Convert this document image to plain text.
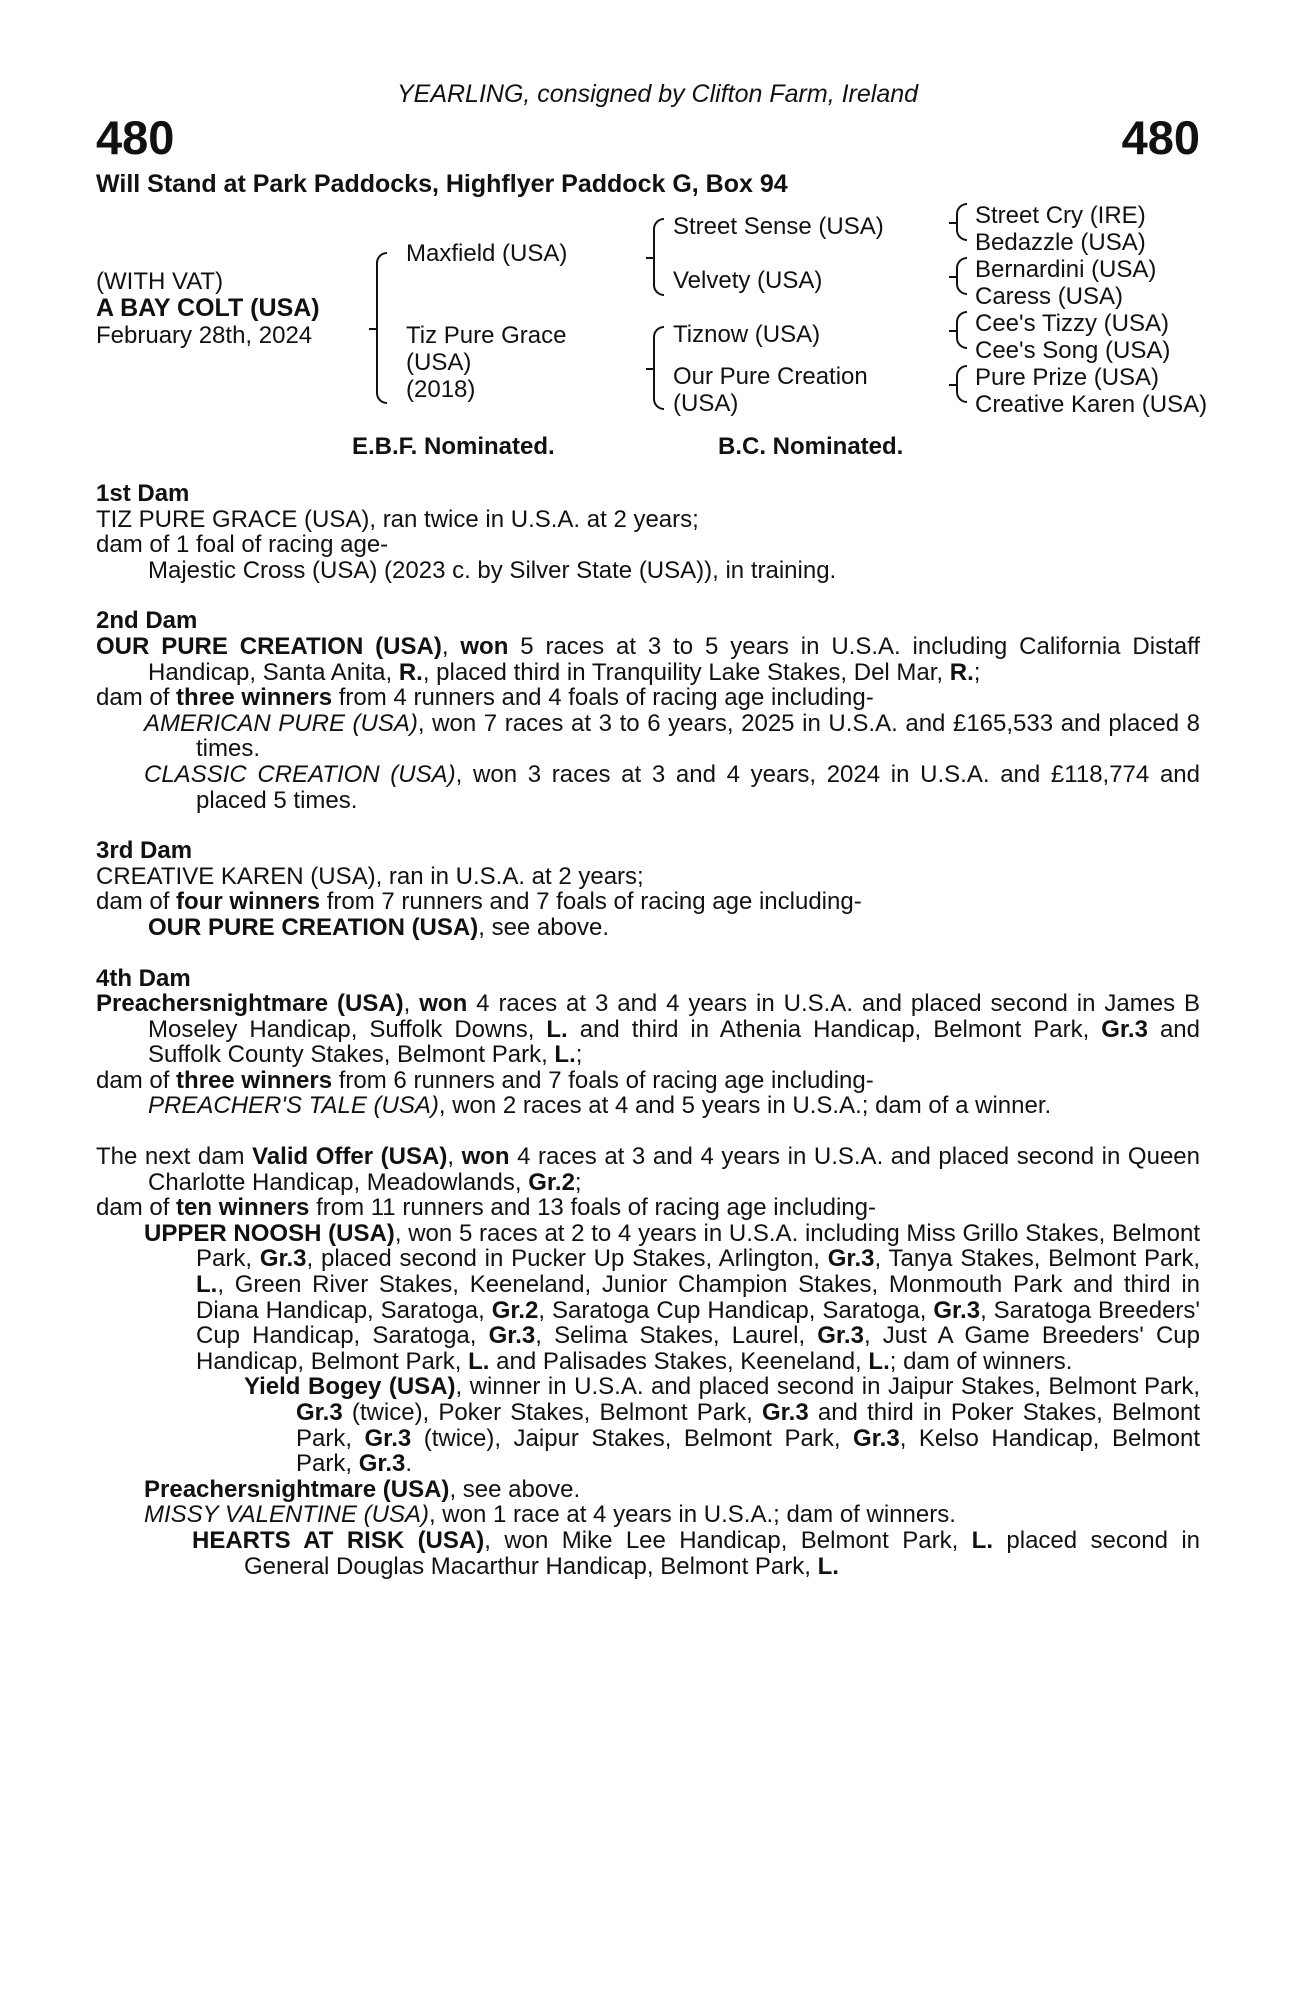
YEARLING, consigned by Clifton Farm, Ireland
480	480
Will Stand at Park Paddocks, Highflyer Paddock G, Box 94
(WITH VAT)
A BAY COLT (USA)
February 28th, 2024
Maxfield (USA)
Tiz Pure Grace
(USA)
(2018)
Street Sense (USA)
Velvety (USA)
Tiznow (USA)
Our Pure Creation
(USA)
Street Cry (IRE)
Bedazzle (USA)
Bernardini (USA)
Caress (USA)
Cee's Tizzy (USA)
Cee's Song (USA)
Pure Prize (USA)
Creative Karen (USA)
E.B.F. Nominated.	B.C. Nominated.
1st Dam
TIZ PURE GRACE (USA), ran twice in U.S.A. at 2 years;
dam of 1 foal of racing age-
Majestic Cross (USA) (2023 c. by Silver State (USA)), in training.
2nd Dam
OUR PURE CREATION (USA), won 5 races at 3 to 5 years in U.S.A. including California Distaff Handicap, Santa Anita, R., placed third in Tranquility Lake Stakes, Del Mar, R.;
dam of three winners from 4 runners and 4 foals of racing age including-
AMERICAN PURE (USA), won 7 races at 3 to 6 years, 2025 in U.S.A. and £165,533 and placed 8 times.
CLASSIC CREATION (USA), won 3 races at 3 and 4 years, 2024 in U.S.A. and £118,774 and placed 5 times.
3rd Dam
CREATIVE KAREN (USA), ran in U.S.A. at 2 years;
dam of four winners from 7 runners and 7 foals of racing age including-
OUR PURE CREATION (USA), see above.
4th Dam
Preachersnightmare (USA), won 4 races at 3 and 4 years in U.S.A. and placed second in James B Moseley Handicap, Suffolk Downs, L. and third in Athenia Handicap, Belmont Park, Gr.3 and Suffolk County Stakes, Belmont Park, L.;
dam of three winners from 6 runners and 7 foals of racing age including-
PREACHER'S TALE (USA), won 2 races at 4 and 5 years in U.S.A.; dam of a winner.
The next dam Valid Offer (USA), won 4 races at 3 and 4 years in U.S.A. and placed second in Queen Charlotte Handicap, Meadowlands, Gr.2;
dam of ten winners from 11 runners and 13 foals of racing age including-
UPPER NOOSH (USA), won 5 races at 2 to 4 years in U.S.A. including Miss Grillo Stakes, Belmont Park, Gr.3, placed second in Pucker Up Stakes, Arlington, Gr.3, Tanya Stakes, Belmont Park, L., Green River Stakes, Keeneland, Junior Champion Stakes, Monmouth Park and third in Diana Handicap, Saratoga, Gr.2, Saratoga Cup Handicap, Saratoga, Gr.3, Saratoga Breeders' Cup Handicap, Saratoga, Gr.3, Selima Stakes, Laurel, Gr.3, Just A Game Breeders' Cup Handicap, Belmont Park, L. and Palisades Stakes, Keeneland, L.; dam of winners.
Yield Bogey (USA), winner in U.S.A. and placed second in Jaipur Stakes, Belmont Park, Gr.3 (twice), Poker Stakes, Belmont Park, Gr.3 and third in Poker Stakes, Belmont Park, Gr.3 (twice), Jaipur Stakes, Belmont Park, Gr.3, Kelso Handicap, Belmont Park, Gr.3.
Preachersnightmare (USA), see above.
MISSY VALENTINE (USA), won 1 race at 4 years in U.S.A.; dam of winners.
HEARTS AT RISK (USA), won Mike Lee Handicap, Belmont Park, L. placed second in General Douglas Macarthur Handicap, Belmont Park, L.
